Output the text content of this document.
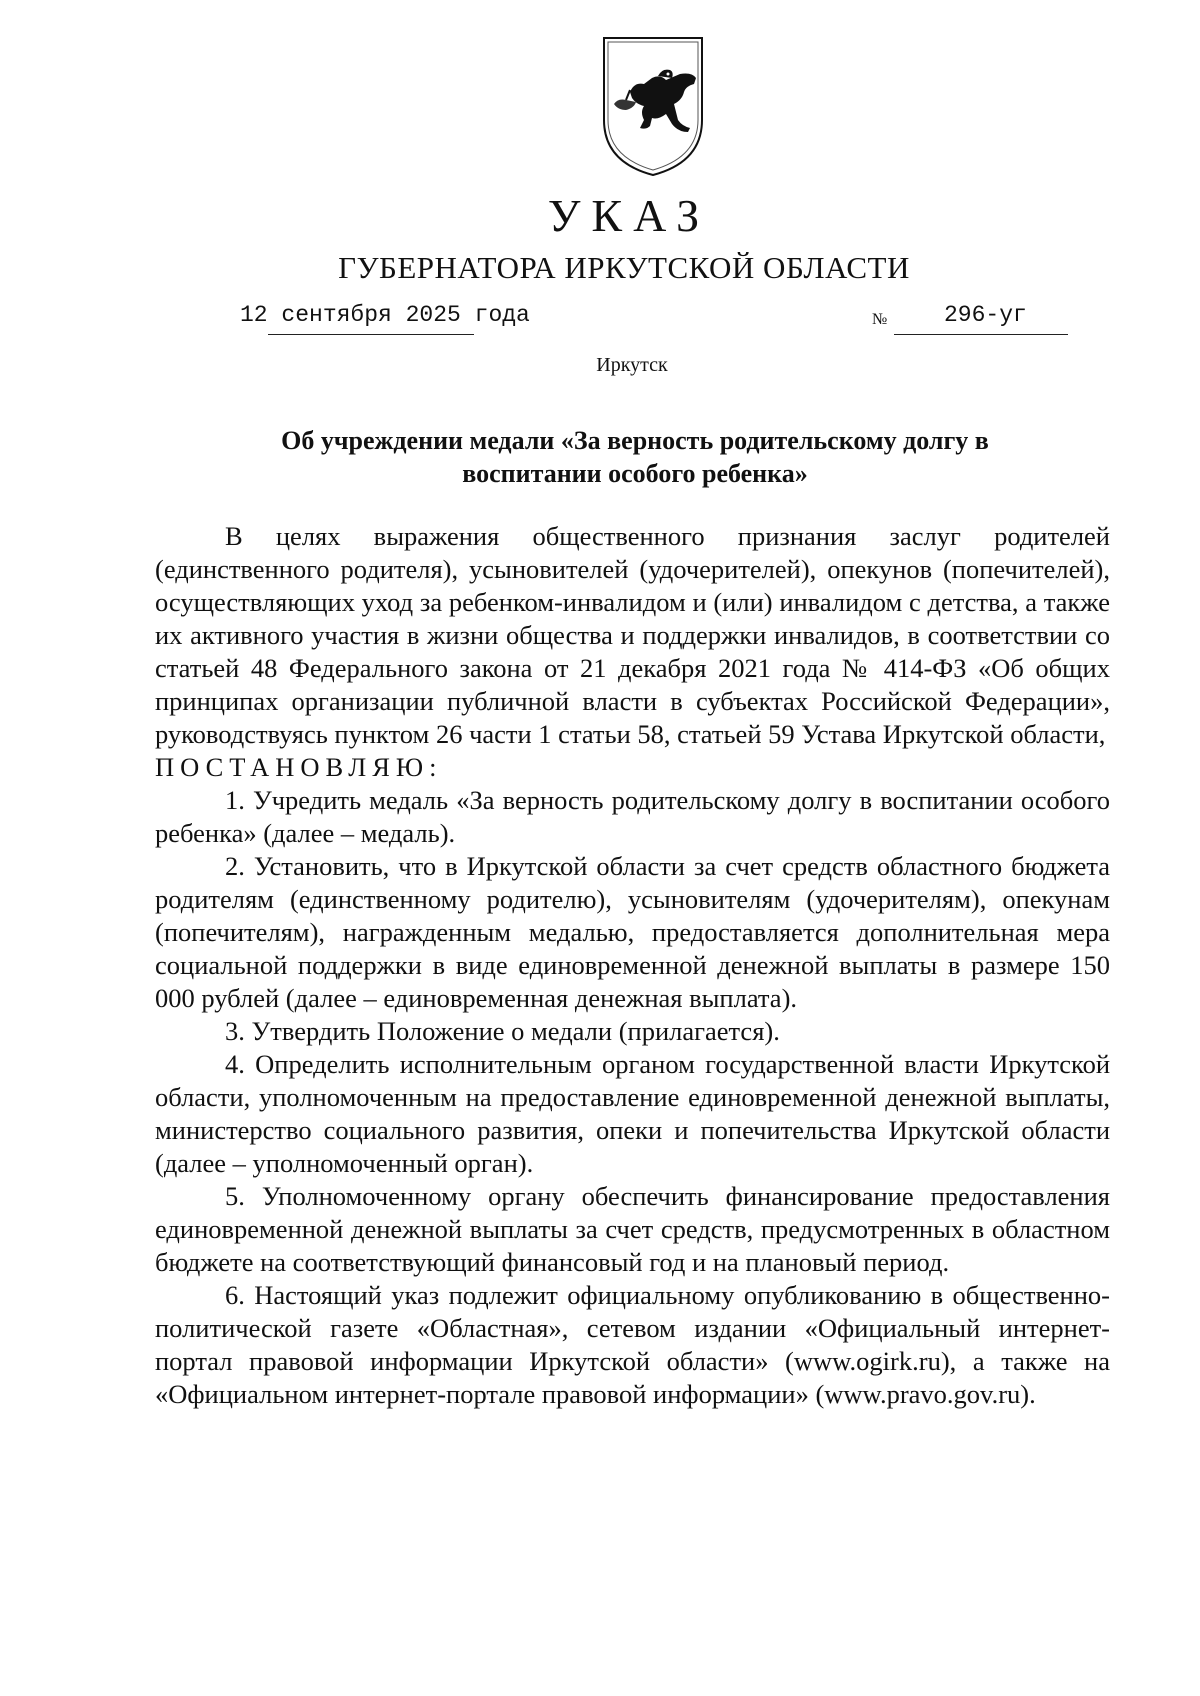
УКАЗ
ГУБЕРНАТОРА ИРКУТСКОЙ ОБЛАСТИ
12 сентября 2025 года	№ 296-уг
Иркутск
Об учреждении медали «За верность родительскому долгу в воспитании особого ребенка»

В целях выражения общественного признания заслуг родителей (единственного родителя), усыновителей (удочерителей), опекунов (попечителей), осуществляющих уход за ребенком-инвалидом и (или) инвалидом с детства, а также их активного участия в жизни общества и поддержки инвалидов, в соответствии со статьей 48 Федерального закона от 21 декабря 2021 года № 414-ФЗ «Об общих принципах организации публичной власти в субъектах Российской Федерации», руководствуясь пунктом 26 части 1 статьи 58, статьей 59 Устава Иркутской области,

ПОСТАНОВЛЯЮ:

1. Учредить медаль «За верность родительскому долгу в воспитании особого ребенка» (далее – медаль).

2. Установить, что в Иркутской области за счет средств областного бюджета родителям (единственному родителю), усыновителям (удочерителям), опекунам (попечителям), награжденным медалью, предоставляется дополнительная мера социальной поддержки в виде единовременной денежной выплаты в размере 150 000 рублей (далее – единовременная денежная выплата).

3. Утвердить Положение о медали (прилагается).

4. Определить исполнительным органом государственной власти Иркутской области, уполномоченным на предоставление единовременной денежной выплаты, министерство социального развития, опеки и попечительства Иркутской области (далее – уполномоченный орган).

5. Уполномоченному органу обеспечить финансирование предоставления единовременной денежной выплаты за счет средств, предусмотренных в областном бюджете на соответствующий финансовый год и на плановый период.

6. Настоящий указ подлежит официальному опубликованию в общественно-политической газете «Областная», сетевом издании «Официальный интернет-портал правовой информации Иркутской области» (www.ogirk.ru), а также на «Официальном интернет-портале правовой информации» (www.pravo.gov.ru).
